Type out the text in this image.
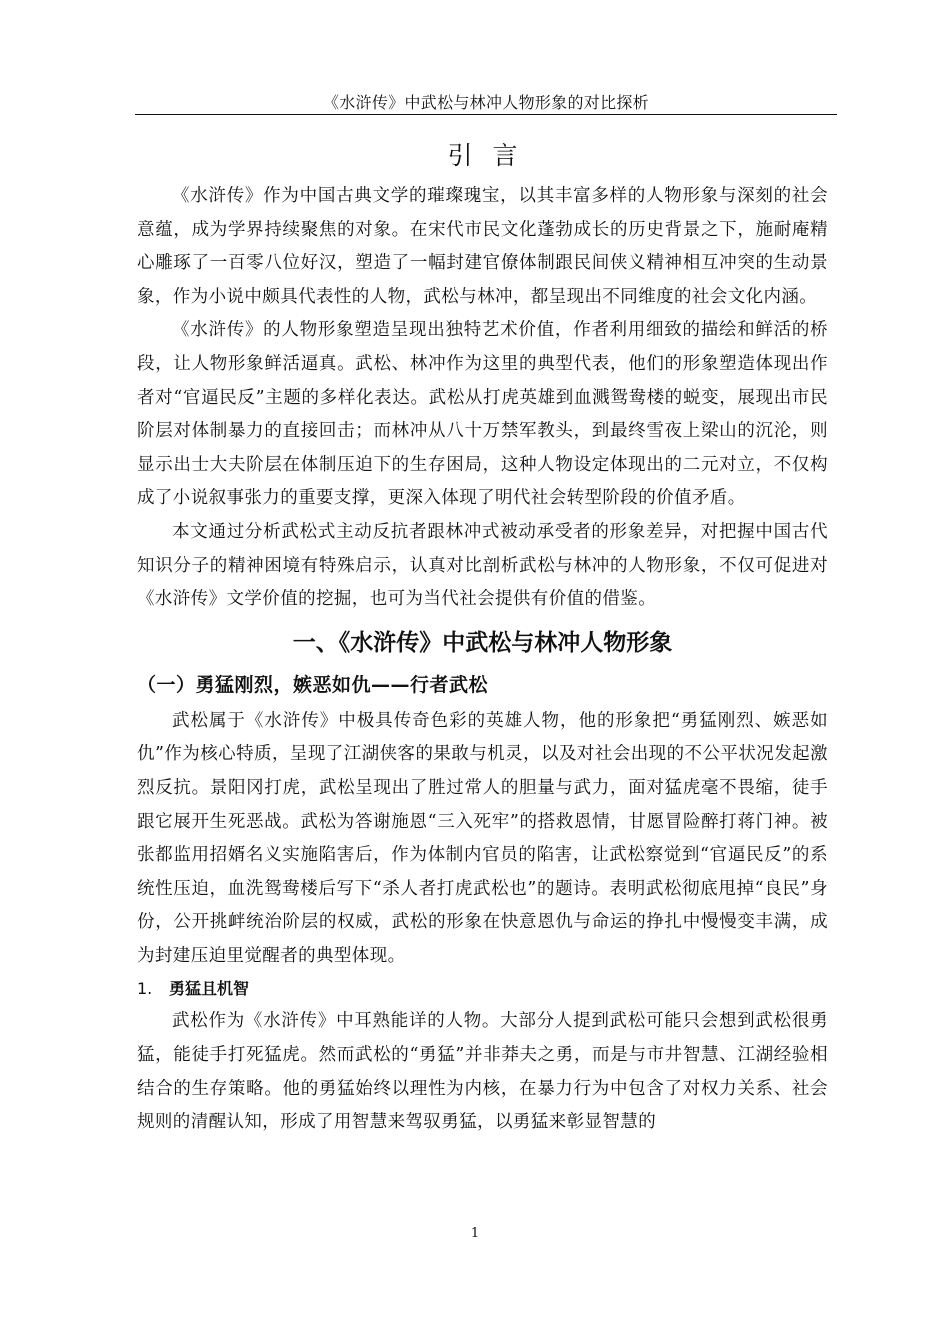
《水浒传》中武松与林冲人物形象的对比探析
引言

《水浒传》作为中国古典文学的璀璨瑰宝，以其丰富多样的人物形象与深刻的社会意蕴，成为学界持续聚焦的对象。在宋代市民文化蓬勃成长的历史背景之下，施耐庵精心雕琢了一百零八位好汉，塑造了一幅封建官僚体制跟民间侠义精神相互冲突的生动景象，作为小说中颇具代表性的人物，武松与林冲，都呈现出不同维度的社会文化内涵。

《水浒传》的人物形象塑造呈现出独特艺术价值，作者利用细致的描绘和鲜活的桥段，让人物形象鲜活逼真。武松、林冲作为这里的典型代表，他们的形象塑造体现出作者对“官逼民反”主题的多样化表达。武松从打虎英雄到血溅鸳鸯楼的蜕变，展现出市民阶层对体制暴力的直接回击；而林冲从八十万禁军教头，到最终雪夜上梁山的沉沦，则显示出士大夫阶层在体制压迫下的生存困局，这种人物设定体现出的二元对立，不仅构成了小说叙事张力的重要支撑，更深入体现了明代社会转型阶段的价值矛盾。

本文通过分析武松式主动反抗者跟林冲式被动承受者的形象差异，对把握中国古代知识分子的精神困境有特殊启示，认真对比剖析武松与林冲的人物形象，不仅可促进对《水浒传》文学价值的挖掘，也可为当代社会提供有价值的借鉴。

一、《水浒传》中武松与林冲人物形象
（一）勇猛刚烈，嫉恶如仇——行者武松

武松属于《水浒传》中极具传奇色彩的英雄人物，他的形象把“勇猛刚烈、嫉恶如仇”作为核心特质，呈现了江湖侠客的果敢与机灵，以及对社会出现的不公平状况发起激烈反抗。景阳冈打虎，武松呈现出了胜过常人的胆量与武力，面对猛虎毫不畏缩，徒手跟它展开生死恶战。武松为答谢施恩“三入死牢”的搭救恩情，甘愿冒险醉打蒋门神。被张都监用招婿名义实施陷害后，作为体制内官员的陷害，让武松察觉到“官逼民反”的系统性压迫，血洗鸳鸯楼后写下“杀人者打虎武松也”的题诗。表明武松彻底甩掉“良民”身份，公开挑衅统治阶层的权威，武松的形象在快意恩仇与命运的挣扎中慢慢变丰满，成为封建压迫里觉醒者的典型体现。

1. 勇猛且机智

武松作为《水浒传》中耳熟能详的人物。大部分人提到武松可能只会想到武松很勇猛，能徒手打死猛虎。然而武松的“勇猛”并非莽夫之勇，而是与市井智慧、江湖经验相结合的生存策略。他的勇猛始终以理性为内核，在暴力行为中包含了对权力关系、社会规则的清醒认知，形成了用智慧来驾驭勇猛，以勇猛来彰显智慧的

1
